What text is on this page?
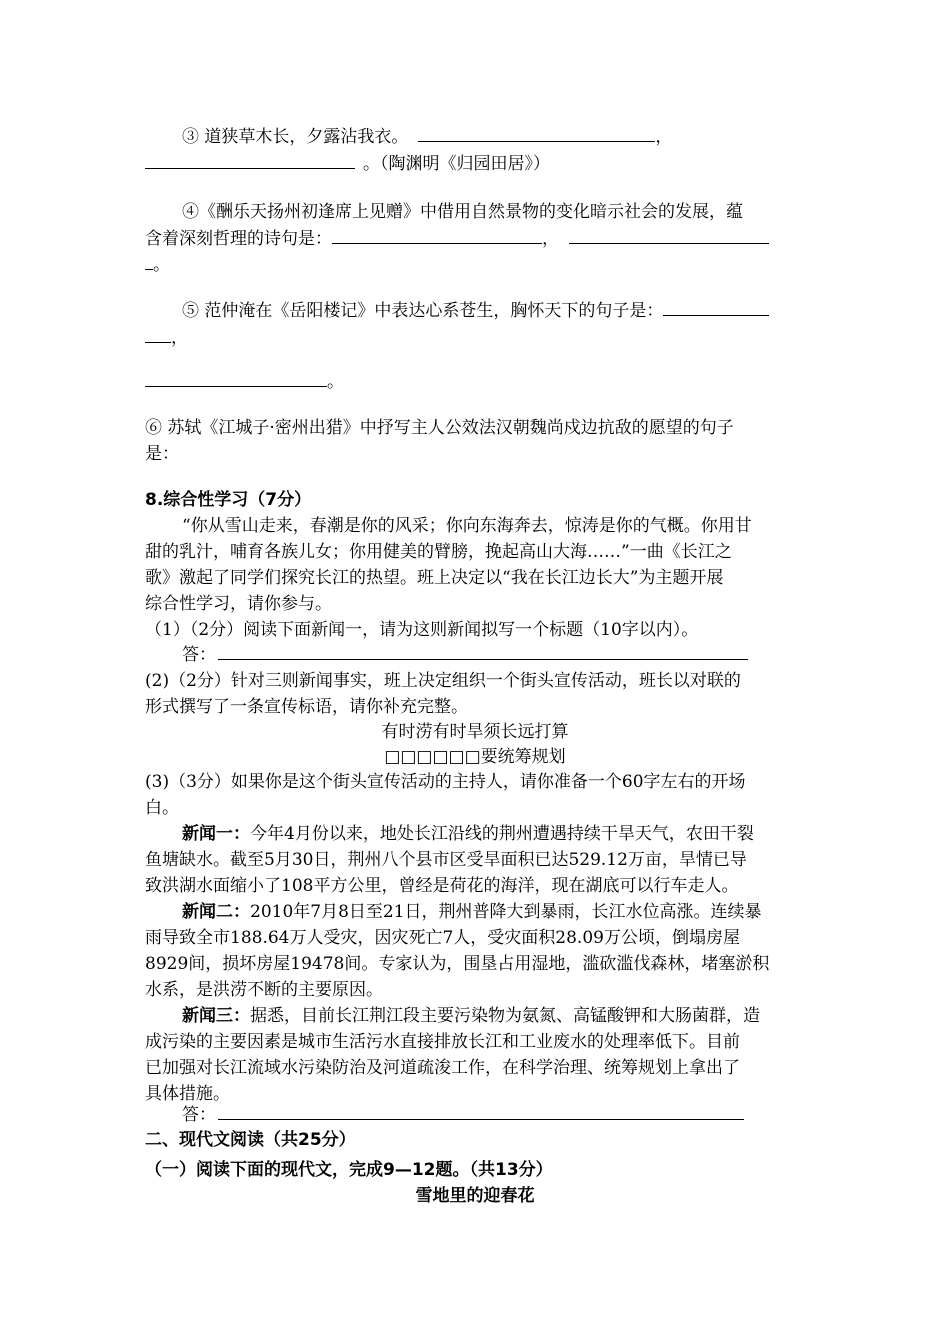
③ 道狭草木长，夕露沾我衣。	，
。（陶渊明《归园田居》）
④《酬乐天扬州初逢席上见赠》中借用自然景物的变化暗示社会的发展，蕴
含着深刻哲理的诗句是：	，
。
⑤ 范仲淹在《岳阳楼记》中表达心系苍生，胸怀天下的句子是：
，
。
⑥ 苏轼《江城子·密州出猎》中抒写主人公效法汉朝魏尚戍边抗敌的愿望的句子
是：
8.综合性学习（7分）
“你从雪山走来，春潮是你的风采；你向东海奔去，惊涛是你的气概。你用甘
甜的乳汁，哺育各族儿女；你用健美的臂膀，挽起高山大海……”一曲《长江之
歌》激起了同学们探究长江的热望。班上决定以“我在长江边长大”为主题开展
综合性学习，请你参与。
（1）（2分）阅读下面新闻一，请为这则新闻拟写一个标题（10字以内）。
答：
(2)（2分）针对三则新闻事实，班上决定组织一个街头宣传活动，班长以对联的
形式撰写了一条宣传标语，请你补充完整。
有时涝有时旱须长远打算
□□□□□□要统筹规划
(3)（3分）如果你是这个街头宣传活动的主持人，请你准备一个60字左右的开场
白。
新闻一：今年4月份以来，地处长江沿线的荆州遭遇持续干旱天气，农田干裂
鱼塘缺水。截至5月30日，荆州八个县市区受旱面积已达529.12万亩，旱情已导
致洪湖水面缩小了108平方公里，曾经是荷花的海洋，现在湖底可以行车走人。
新闻二：2010年7月8日至21日，荆州普降大到暴雨，长江水位高涨。连续暴
雨导致全市188.64万人受灾，因灾死亡7人，受灾面积28.09万公顷，倒塌房屋
8929间，损坏房屋19478间。专家认为，围垦占用湿地，滥砍滥伐森林，堵塞淤积
水系，是洪涝不断的主要原因。
新闻三：据悉，目前长江荆江段主要污染物为氨氮、高锰酸钾和大肠菌群，造
成污染的主要因素是城市生活污水直接排放长江和工业废水的处理率低下。目前
已加强对长江流域水污染防治及河道疏浚工作，在科学治理、统筹规划上拿出了
具体措施。
答：
二、现代文阅读（共25分）
（一）阅读下面的现代文，完成9—12题。（共13分）
雪地里的迎春花
